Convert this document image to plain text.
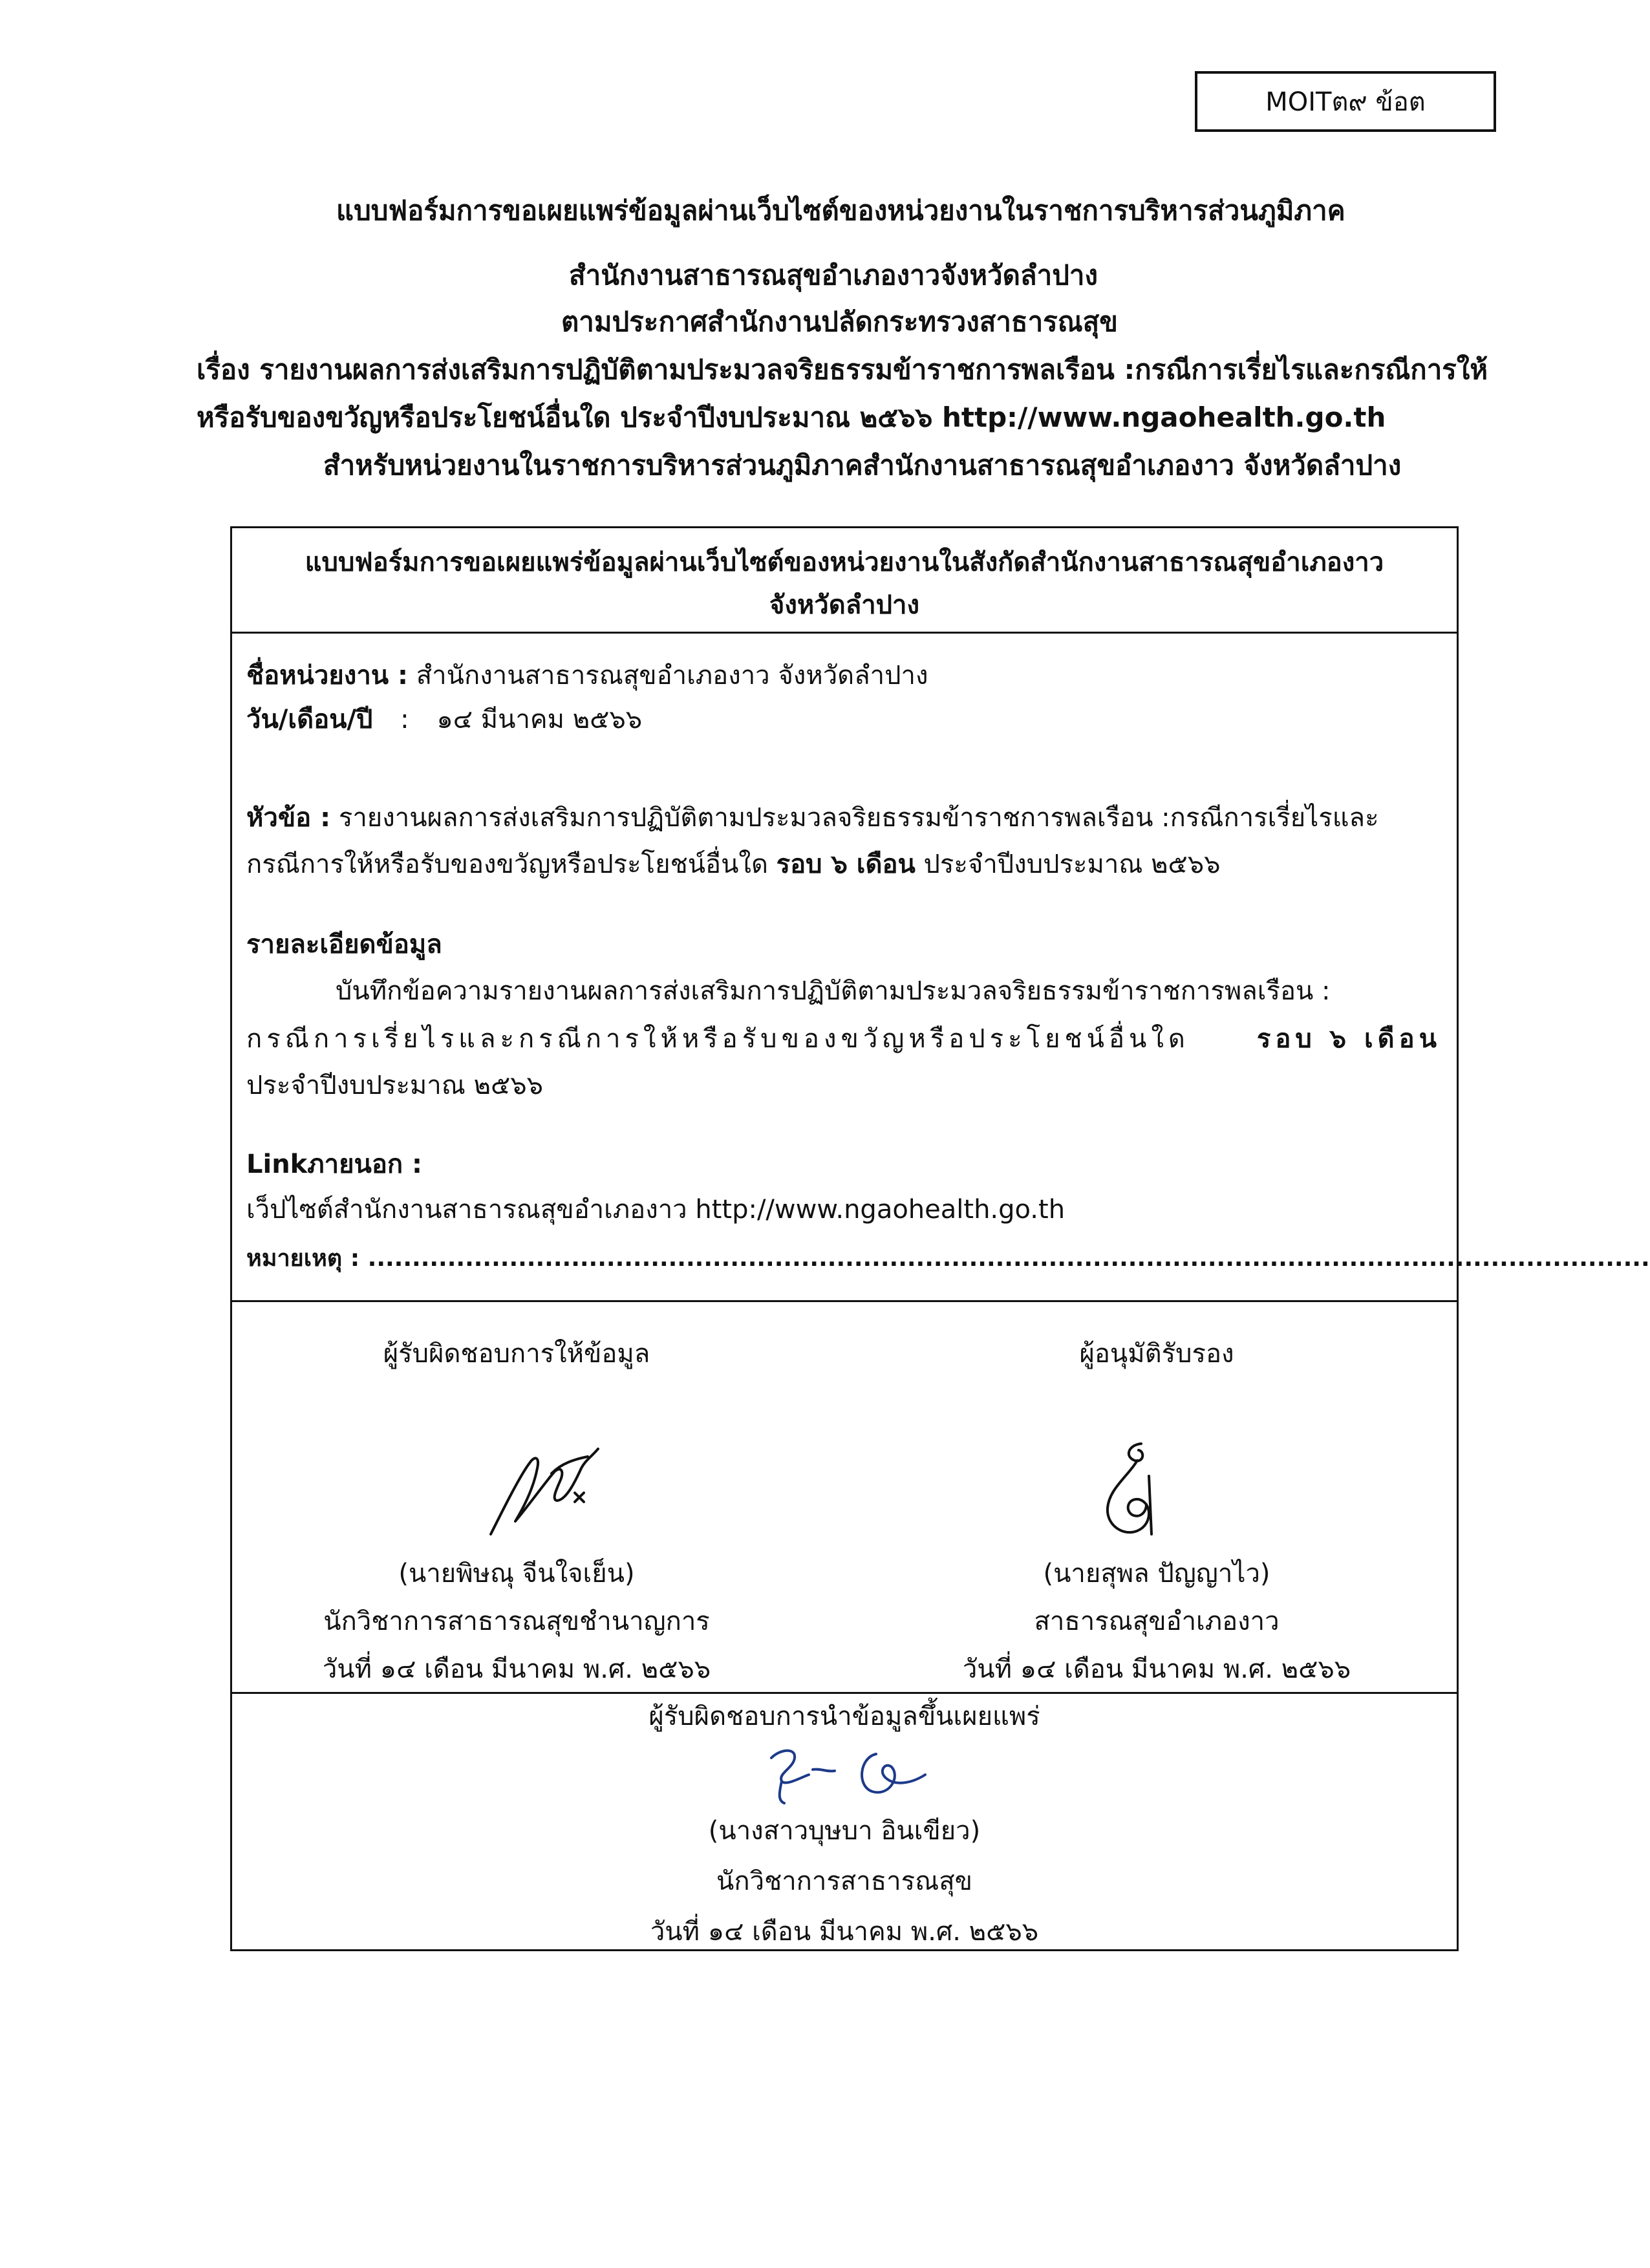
MOITต๙ ข้อต
แบบฟอร์มการขอเผยแพร่ข้อมูลผ่านเว็บไซต์ของหน่วยงานในราชการบริหารส่วนภูมิภาค
สำนักงานสาธารณสุขอำเภองาวจังหวัดลำปาง
ตามประกาศสำนักงานปลัดกระทรวงสาธารณสุข
เรื่อง รายงานผลการส่งเสริมการปฏิบัติตามประมวลจริยธรรมข้าราชการพลเรือน :กรณีการเรี่ยไรและกรณีการให้
หรือรับของขวัญหรือประโยชน์อื่นใด ประจำปีงบประมาณ ๒๕๖๖ http://www.ngaohealth.go.th
สำหรับหน่วยงานในราชการบริหารส่วนภูมิภาคสำนักงานสาธารณสุขอำเภองาว จังหวัดลำปาง
แบบฟอร์มการขอเผยแพร่ข้อมูลผ่านเว็บไซต์ของหน่วยงานในสังกัดสำนักงานสาธารณสุขอำเภองาว
จังหวัดลำปาง
ชื่อหน่วยงาน : สำนักงานสาธารณสุขอำเภองาว จังหวัดลำปาง
วัน/เดือน/ปี : ๑๔ มีนาคม ๒๕๖๖
หัวข้อ : รายงานผลการส่งเสริมการปฏิบัติตามประมวลจริยธรรมข้าราชการพลเรือน :กรณีการเรี่ยไรและ
กรณีการให้หรือรับของขวัญหรือประโยชน์อื่นใด รอบ ๖ เดือน ประจำปีงบประมาณ ๒๕๖๖
รายละเอียดข้อมูล
บันทึกข้อความรายงานผลการส่งเสริมการปฏิบัติตามประมวลจริยธรรมข้าราชการพลเรือน :
กรณีการเรี่ยไรและกรณีการให้หรือรับของขวัญหรือประโยชน์อื่นใด	รอบ ๖ เดือน
ประจำปีงบประมาณ ๒๕๖๖
Linkภายนอก :
เว็ปไซต์สำนักงานสาธารณสุขอำเภองาว http://www.ngaohealth.go.th
หมายเหตุ : .................................................................................................................................................
ผู้รับผิดชอบการให้ข้อมูล
(นายพิษณุ จีนใจเย็น)
นักวิชาการสาธารณสุขชำนาญการ
วันที่ ๑๔ เดือน มีนาคม พ.ศ. ๒๕๖๖
ผู้อนุมัติรับรอง
(นายสุพล ปัญญาไว)
สาธารณสุขอำเภองาว
วันที่ ๑๔ เดือน มีนาคม พ.ศ. ๒๕๖๖
ผู้รับผิดชอบการนำข้อมูลขึ้นเผยแพร่
(นางสาวบุษบา อินเขียว)
นักวิชาการสาธารณสุข
วันที่ ๑๔ เดือน มีนาคม พ.ศ. ๒๕๖๖
